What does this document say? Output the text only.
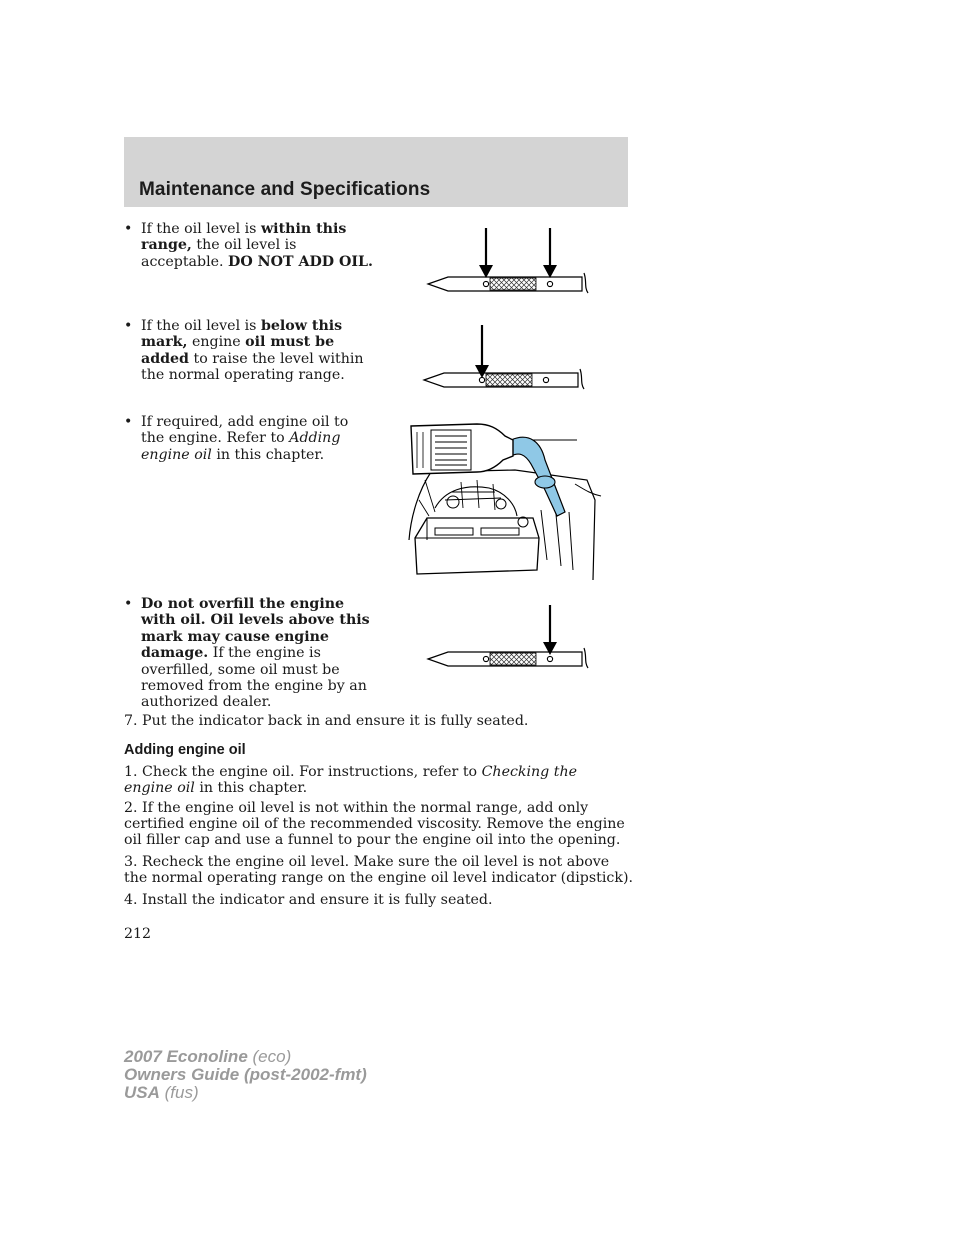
Maintenance and Specifications
• If the oil level is within this range, the oil level is acceptable. DO NOT ADD OIL.
• If the oil level is below this mark, engine oil must be added to raise the level within the normal operating range.
• If required, add engine oil to the engine. Refer to Adding engine oil in this chapter.
• Do not overfill the engine with oil. Oil levels above this mark may cause engine damage. If the engine is overfilled, some oil must be removed from the engine by an authorized dealer.
7. Put the indicator back in and ensure it is fully seated.
Adding engine oil
1. Check the engine oil. For instructions, refer to Checking the engine oil in this chapter.
2. If the engine oil level is not within the normal range, add only certified engine oil of the recommended viscosity. Remove the engine oil filler cap and use a funnel to pour the engine oil into the opening.
3. Recheck the engine oil level. Make sure the oil level is not above the normal operating range on the engine oil level indicator (dipstick).
4. Install the indicator and ensure it is fully seated.
212
2007 Econoline (eco)
Owners Guide (post-2002-fmt)
USA (fus)
